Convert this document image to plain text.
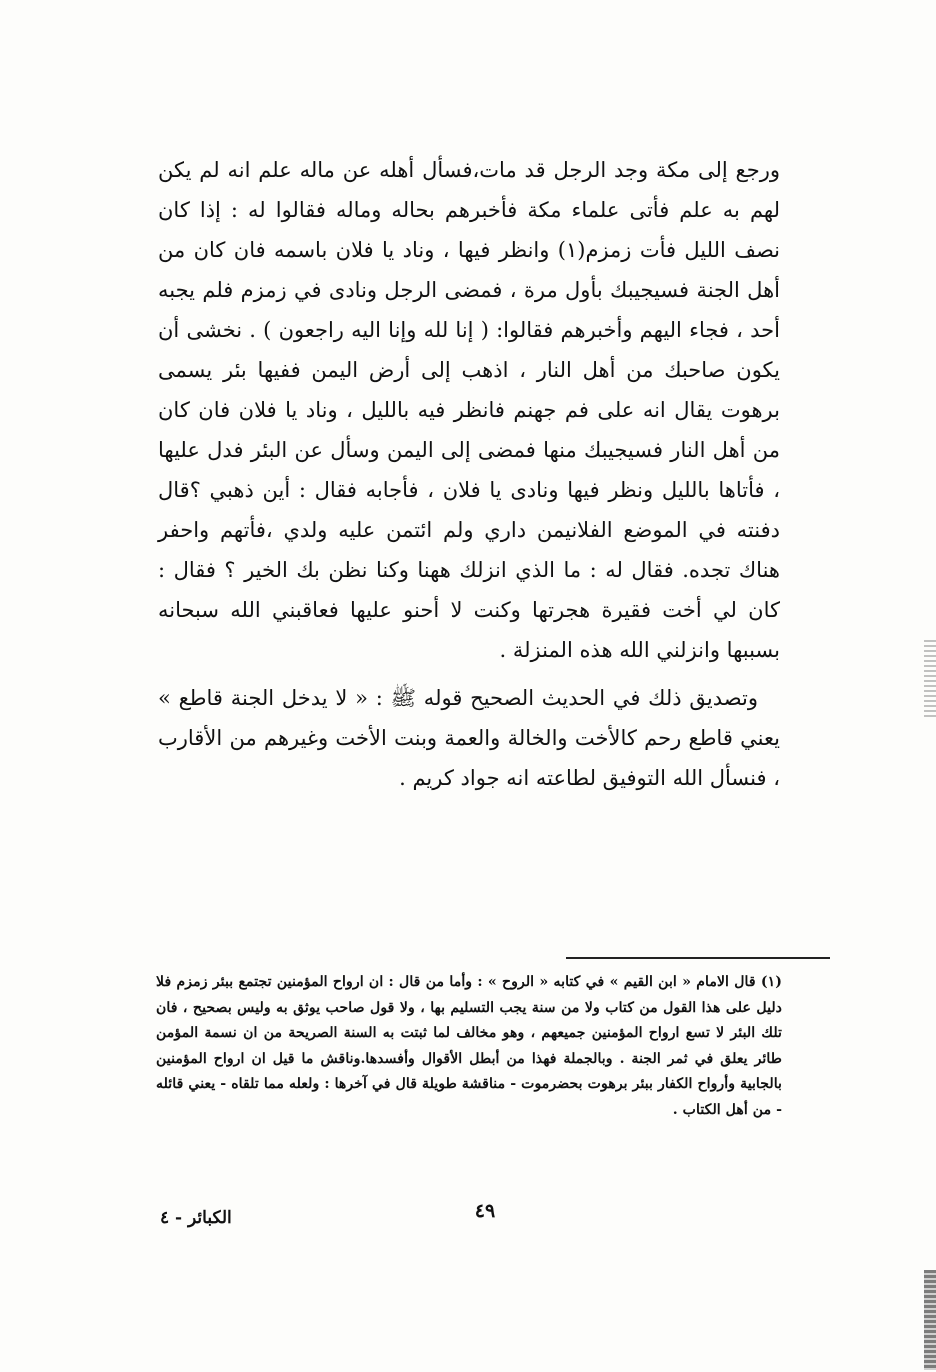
ورجع إلى مكة وجد الرجل قد مات،فسأل أهله عن ماله علم انه لم يكن لهم به علم فأتى علماء مكة فأخبرهم بحاله وماله فقالوا له : إذا كان نصف الليل فأت زمزم(١) وانظر فيها ، وناد يا فلان باسمه فان كان من أهل الجنة فسيجيبك بأول مرة ، فمضى الرجل ونادى في زمزم فلم يجبه أحد ، فجاء اليهم وأخبرهم فقالوا: ( إنا لله وإنا اليه راجعون ) . نخشى أن يكون صاحبك من أهل النار ، اذهب إلى أرض اليمن ففيها بئر يسمى برهوت يقال انه على فم جهنم فانظر فيه بالليل ، وناد يا فلان فان كان من أهل النار فسيجيبك منها فمضى إلى اليمن وسأل عن البئر فدل عليها ، فأتاها بالليل ونظر فيها ونادى يا فلان ، فأجابه فقال : أين ذهبي ؟قال دفنته في الموضع الفلانيمن داري ولم ائتمن عليه ولدي ،فأتهم واحفر هناك تجده. فقال له : ما الذي انزلك ههنا وكنا نظن بك الخير ؟ فقال : كان لي أخت فقيرة هجرتها وكنت لا أحنو عليها فعاقبني الله سبحانه بسببها وانزلني الله هذه المنزلة .

وتصديق ذلك في الحديث الصحيح قوله ﷺ : « لا يدخل الجنة قاطع » يعني قاطع رحم كالأخت والخالة والعمة وبنت الأخت وغيرهم من الأقارب ، فنسأل الله التوفيق لطاعته انه جواد كريم .

(١) قال الامام « ابن القيم » في كتابه « الروح » : وأما من قال : ان ارواح المؤمنين تجتمع ببئر زمزم فلا دليل على هذا القول من كتاب ولا من سنة يجب التسليم بها ، ولا قول صاحب يوثق به وليس بصحيح ، فان تلك البئر لا تسع ارواح المؤمنين جميعهم ، وهو مخالف لما ثبتت به السنة الصريحة من ان نسمة المؤمن طائر يعلق في ثمر الجنة . وبالجملة فهذا من أبطل الأقوال وأفسدها.وناقش ما قيل ان ارواح المؤمنين بالجابية وأرواح الكفار ببئر برهوت بحضرموت - مناقشة طويلة قال في آخرها : ولعله مما تلقاه - يعني قائله - من أهل الكتاب .

٤٩
الكبائر - ٤
